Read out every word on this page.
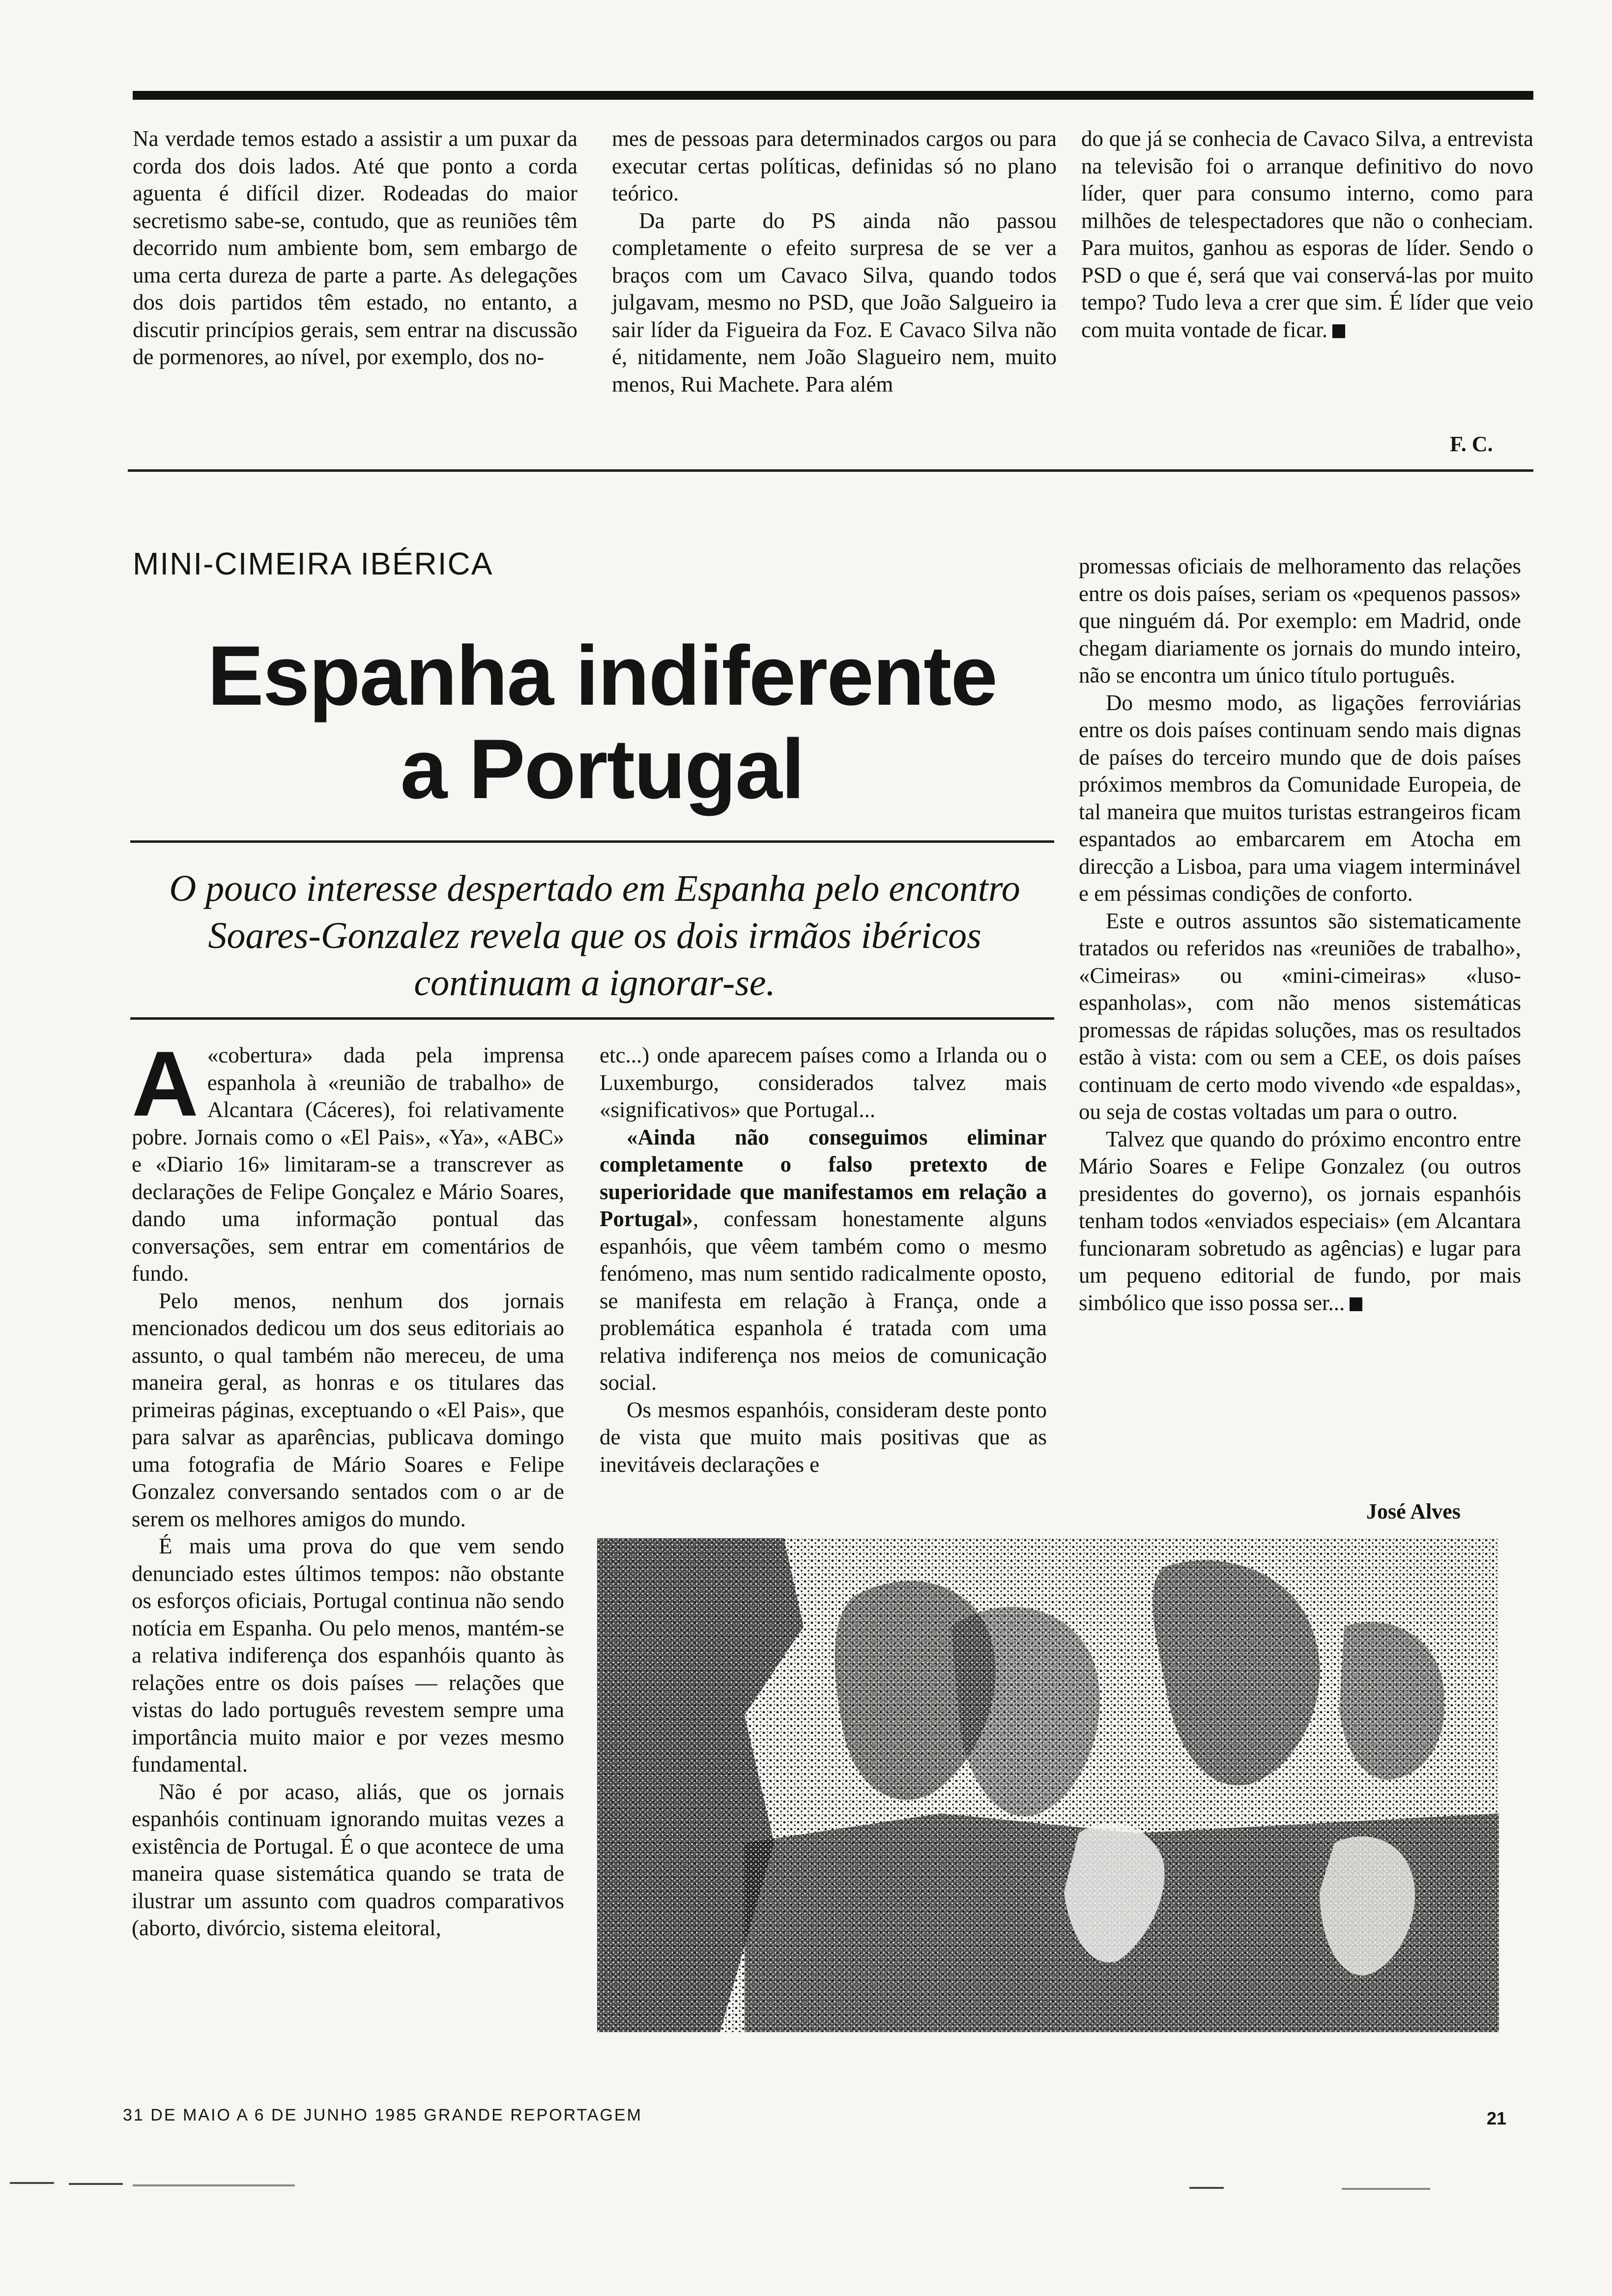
Na verdade temos estado a assistir a um puxar da corda dos dois lados. Até que ponto a corda aguenta é difícil dizer. Rodeadas do maior secretismo sabe-se, contudo, que as reuniões têm decorrido num ambiente bom, sem embargo de uma certa dureza de parte a parte. As delegações dos dois partidos têm estado, no entanto, a discutir princípios gerais, sem entrar na discussão de pormenores, ao nível, por exemplo, dos no-

mes de pessoas para determinados cargos ou para executar certas políticas, definidas só no plano teórico.

Da parte do PS ainda não passou completamente o efeito surpresa de se ver a braços com um Cavaco Silva, quando todos julgavam, mesmo no PSD, que João Salgueiro ia sair líder da Figueira da Foz. E Cavaco Silva não é, nitidamente, nem João Slagueiro nem, muito menos, Rui Machete. Para além

do que já se conhecia de Cavaco Silva, a entrevista na televisão foi o arranque definitivo do novo líder, quer para consumo interno, como para milhões de telespectadores que não o conheciam. Para muitos, ganhou as esporas de líder. Sendo o PSD o que é, será que vai conservá-las por muito tempo? Tudo leva a crer que sim. É líder que veio com muita vontade de ficar.

F. C.
MINI-CIMEIRA IBÉRICA
Espanha indiferente
a Portugal
O pouco interesse despertado em Espanha pelo encontro Soares-Gonzalez revela que os dois irmãos ibéricos continuam a ignorar-se.

A «cobertura» dada pela imprensa espanhola à «reunião de trabalho» de Alcantara (Cáceres), foi relativamente pobre. Jornais como o «El Pais», «Ya», «ABC» e «Diario 16» limitaram-se a transcrever as declarações de Felipe Gonçalez e Mário Soares, dando uma informação pontual das conversações, sem entrar em comentários de fundo.

Pelo menos, nenhum dos jornais mencionados dedicou um dos seus editoriais ao assunto, o qual também não mereceu, de uma maneira geral, as honras e os titulares das primeiras páginas, exceptuando o «El Pais», que para salvar as aparências, publicava domingo uma fotografia de Mário Soares e Felipe Gonzalez conversando sentados com o ar de serem os melhores amigos do mundo.

É mais uma prova do que vem sendo denunciado estes últimos tempos: não obstante os esforços oficiais, Portugal continua não sendo notícia em Espanha. Ou pelo menos, mantém-se a relativa indiferença dos espanhóis quanto às relações entre os dois países — relações que vistas do lado português revestem sempre uma importância muito maior e por vezes mesmo fundamental.

Não é por acaso, aliás, que os jornais espanhóis continuam ignorando muitas vezes a existência de Portugal. É o que acontece de uma maneira quase sistemática quando se trata de ilustrar um assunto com quadros comparativos (aborto, divórcio, sistema eleitoral,

etc...) onde aparecem países como a Irlanda ou o Luxemburgo, considerados talvez mais «significativos» que Portugal...

«Ainda não conseguimos eliminar completamente o falso pretexto de superioridade que manifestamos em relação a Portugal», confessam honestamente alguns espanhóis, que vêem também como o mesmo fenómeno, mas num sentido radicalmente oposto, se manifesta em relação à França, onde a problemática espanhola é tratada com uma relativa indiferença nos meios de comunicação social.

Os mesmos espanhóis, consideram deste ponto de vista que muito mais positivas que as inevitáveis declarações e

promessas oficiais de melhoramento das relações entre os dois países, seriam os «pequenos passos» que ninguém dá. Por exemplo: em Madrid, onde chegam diariamente os jornais do mundo inteiro, não se encontra um único título português.

Do mesmo modo, as ligações ferroviárias entre os dois países continuam sendo mais dignas de países do terceiro mundo que de dois países próximos membros da Comunidade Europeia, de tal maneira que muitos turistas estrangeiros ficam espantados ao embarcarem em Atocha em direcção a Lisboa, para uma viagem interminável e em péssimas condições de conforto.

Este e outros assuntos são sistematicamente tratados ou referidos nas «reuniões de trabalho», «Cimeiras» ou «mini-cimeiras» «luso-espanholas», com não menos sistemáticas promessas de rápidas soluções, mas os resultados estão à vista: com ou sem a CEE, os dois países continuam de certo modo vivendo «de espaldas», ou seja de costas voltadas um para o outro.

Talvez que quando do próximo encontro entre Mário Soares e Felipe Gonzalez (ou outros presidentes do governo), os jornais espanhóis tenham todos «enviados especiais» (em Alcantara funcionaram sobretudo as agências) e lugar para um pequeno editorial de fundo, por mais simbólico que isso possa ser...

José Alves
31 DE MAIO A 6 DE JUNHO 1985 GRANDE REPORTAGEM	21
